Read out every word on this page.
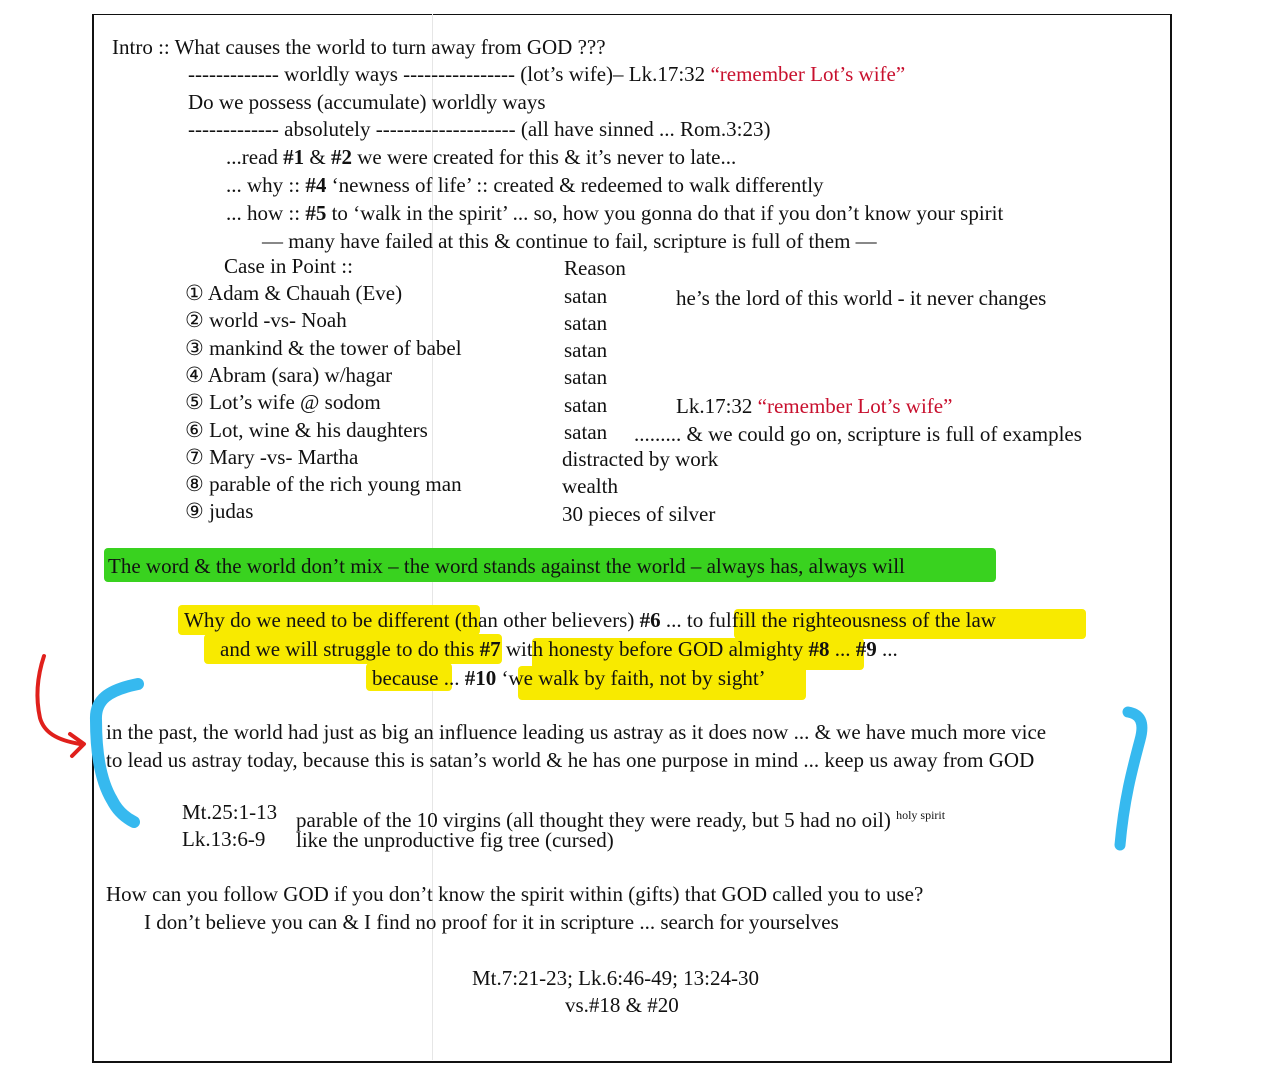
Intro :: What causes the world to turn away from GOD ???
------------- worldly ways ---------------- (lot’s wife)– Lk.17:32 “remember Lot’s wife”
Do we possess (accumulate) worldly ways
------------- absolutely -------------------- (all have sinned ... Rom.3:23)
...read #1 & #2 we were created for this & it’s never to late...
... why :: #4 ‘newness of life’ :: created & redeemed to walk differently
... how :: #5 to ‘walk in the spirit’ ... so, how you gonna do that if you don’t know your spirit
— many have failed at this & continue to fail, scripture is full of them —
Case in Point ::	Reason
① Adam & Chauah (Eve)	satan	he’s the lord of this world - it never changes
② world -vs- Noah	satan
③ mankind & the tower of babel	satan
④ Abram (sara) w/hagar	satan
⑤ Lot’s wife @ sodom	satan	Lk.17:32 “remember Lot’s wife”
⑥ Lot, wine & his daughters	satan ......... & we could go on, scripture is full of examples
⑦ Mary -vs- Martha	distracted by work
⑧ parable of the rich young man	wealth
⑨ judas	30 pieces of silver
The word & the world don’t mix – the word stands against the world – always has, always will
Why do we need to be different (than other believers) #6 ... to fulfill the righteousness of the law
and we will struggle to do this #7 with honesty before GOD almighty #8 ... #9 ...
because ... #10 ‘we walk by faith, not by sight’
in the past, the world had just as big an influence leading us astray as it does now ... & we have much more vice
to lead us astray today, because this is satan’s world & he has one purpose in mind ... keep us away from GOD
Mt.25:1-13 parable of the 10 virgins (all thought they were ready, but 5 had no oil) $^{holy spirit}$
Lk.13:6-9 like the unproductive fig tree (cursed)
How can you follow GOD if you don’t know the spirit within (gifts) that GOD called you to use?
I don’t believe you can & I find no proof for it in scripture ... search for yourselves
Mt.7:21-23; Lk.6:46-49; 13:24-30
vs.#18 & #20
